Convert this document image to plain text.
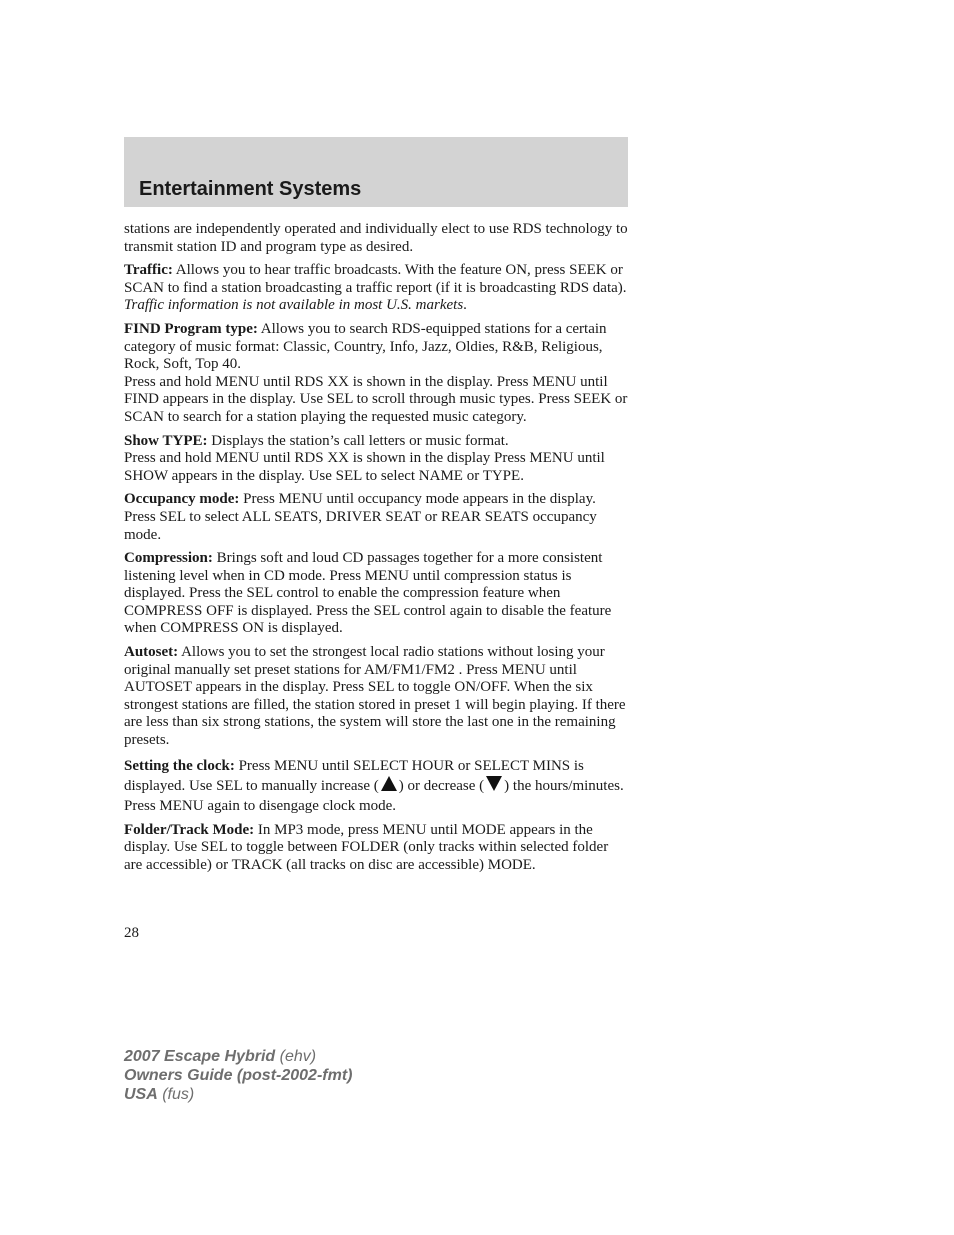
Entertainment Systems

stations are independently operated and individually elect to use RDS technology to transmit station ID and program type as desired.

Traffic: Allows you to hear traffic broadcasts. With the feature ON, press SEEK or SCAN to find a station broadcasting a traffic report (if it is broadcasting RDS data). Traffic information is not available in most U.S. markets.

FIND Program type: Allows you to search RDS-equipped stations for a certain category of music format: Classic, Country, Info, Jazz, Oldies, R&B, Religious, Rock, Soft, Top 40.

Press and hold MENU until RDS XX is shown in the display. Press MENU until FIND appears in the display. Use SEL to scroll through music types. Press SEEK or SCAN to search for a station playing the requested music category.

Show TYPE: Displays the station’s call letters or music format.

Press and hold MENU until RDS XX is shown in the display Press MENU until SHOW appears in the display. Use SEL to select NAME or TYPE.

Occupancy mode: Press MENU until occupancy mode appears in the display. Press SEL to select ALL SEATS, DRIVER SEAT or REAR SEATS occupancy mode.

Compression: Brings soft and loud CD passages together for a more consistent listening level when in CD mode. Press MENU until compression status is displayed. Press the SEL control to enable the compression feature when COMPRESS OFF is displayed. Press the SEL control again to disable the feature when COMPRESS ON is displayed.

Autoset: Allows you to set the strongest local radio stations without losing your original manually set preset stations for AM/FM1/FM2 . Press MENU until AUTOSET appears in the display. Press SEL to toggle ON/OFF. When the six strongest stations are filled, the station stored in preset 1 will begin playing. If there are less than six strong stations, the system will store the last one in the remaining presets.

Setting the clock: Press MENU until SELECT HOUR or SELECT MINS is displayed. Use SEL to manually increase ( ) or decrease ( ) the hours/minutes. Press MENU again to disengage clock mode.

Folder/Track Mode: In MP3 mode, press MENU until MODE appears in the display. Use SEL to toggle between FOLDER (only tracks within selected folder are accessible) or TRACK (all tracks on disc are accessible) MODE.

28
2007 Escape Hybrid (ehv)
Owners Guide (post-2002-fmt)
USA (fus)
